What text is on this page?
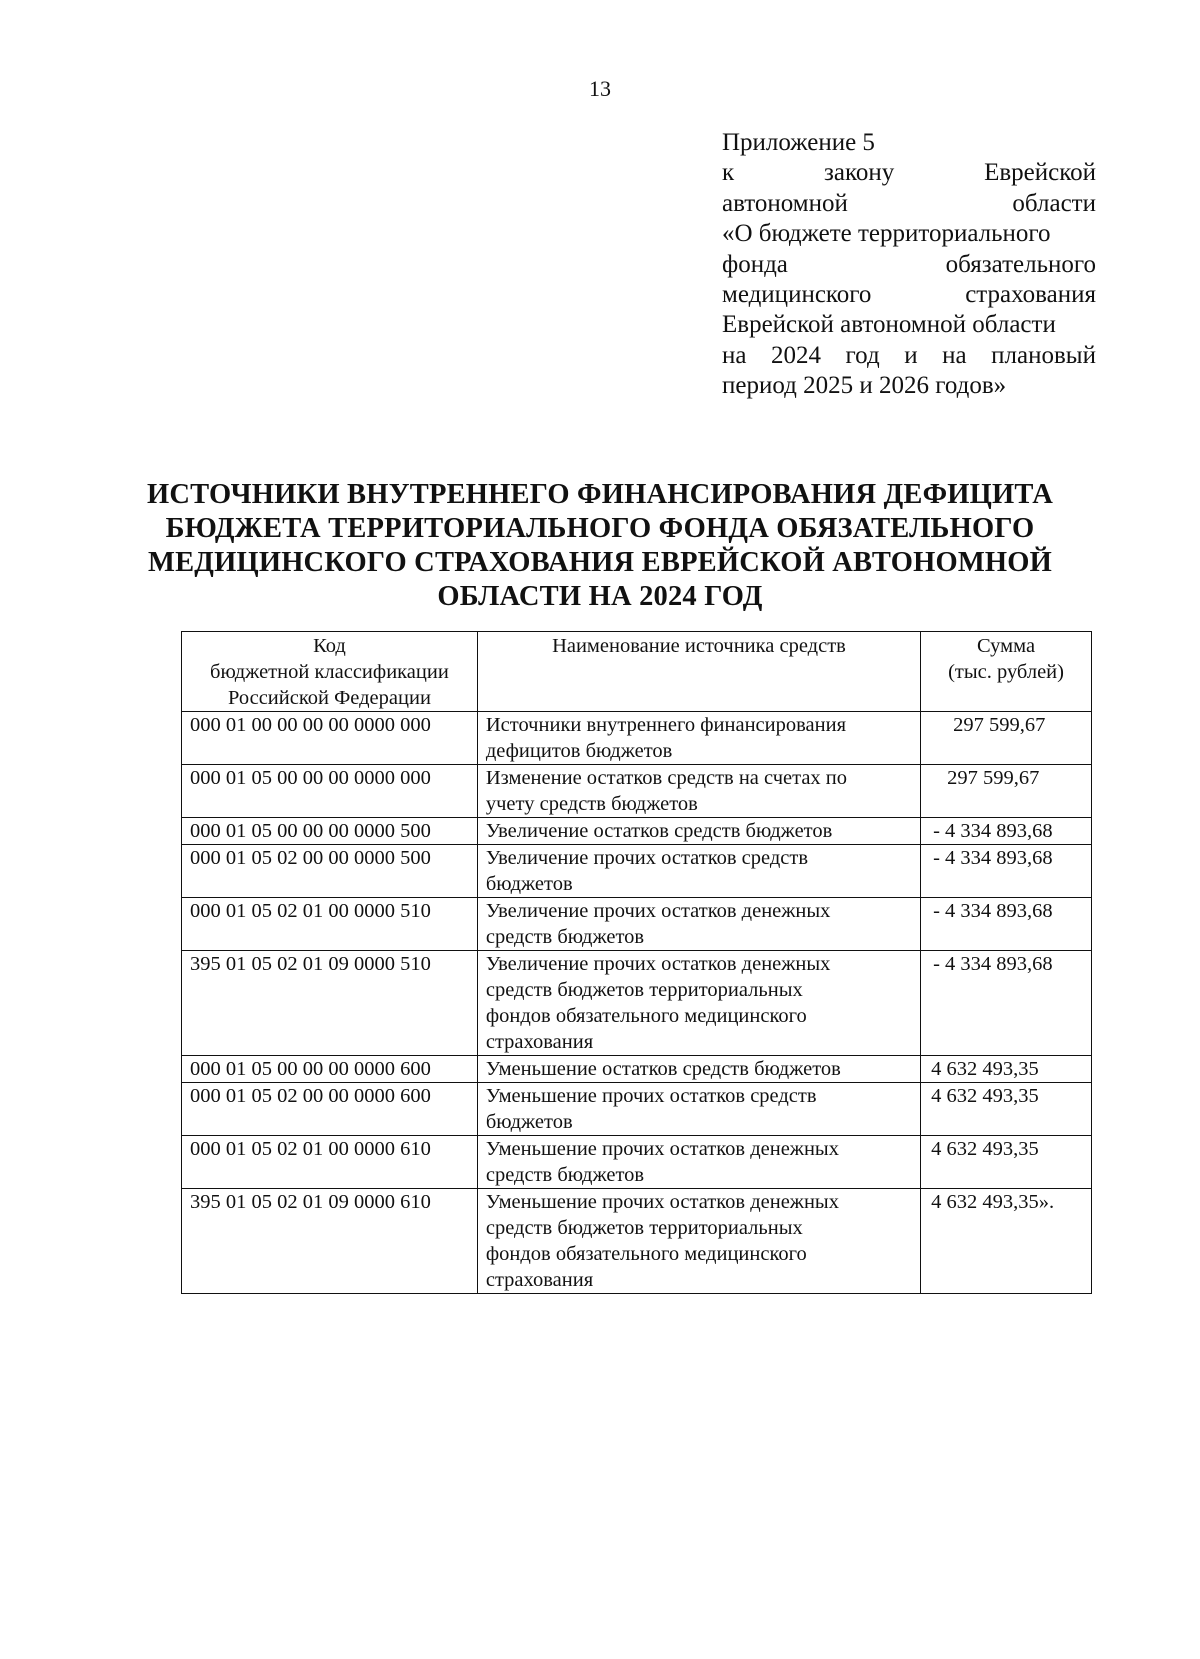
13
Приложение 5
к	закону	Еврейской
автономной	области
«О бюджете территориального
фонда	обязательного
медицинского	страхования
Еврейской автономной области
на 2024 год и на плановый
период 2025 и 2026 годов»
ИСТОЧНИКИ ВНУТРЕННЕГО ФИНАНСИРОВАНИЯ ДЕФИЦИТА
БЮДЖЕТА ТЕРРИТОРИАЛЬНОГО ФОНДА ОБЯЗАТЕЛЬНОГО
МЕДИЦИНСКОГО СТРАХОВАНИЯ ЕВРЕЙСКОЙ АВТОНОМНОЙ
ОБЛАСТИ НА 2024 ГОД
Код
бюджетной классификации
Российской Федерации	Наименование источника средств	Сумма
(тыс. рублей)
000 01 00 00 00 00 0000 000	Источники внутреннего финансирования
дефицитов бюджетов	297 599,67
000 01 05 00 00 00 0000 000	Изменение остатков средств на счетах по
учету средств бюджетов	297 599,67
000 01 05 00 00 00 0000 500	Увеличение остатков средств бюджетов	- 4 334 893,68
000 01 05 02 00 00 0000 500	Увеличение прочих остатков средств
бюджетов	- 4 334 893,68
000 01 05 02 01 00 0000 510	Увеличение прочих остатков денежных
средств бюджетов	- 4 334 893,68
395 01 05 02 01 09 0000 510	Увеличение прочих остатков денежных
средств бюджетов территориальных
фондов обязательного медицинского
страхования	- 4 334 893,68
000 01 05 00 00 00 0000 600	Уменьшение остатков средств бюджетов	4 632 493,35
000 01 05 02 00 00 0000 600	Уменьшение прочих остатков средств
бюджетов	4 632 493,35
000 01 05 02 01 00 0000 610	Уменьшение прочих остатков денежных
средств бюджетов	4 632 493,35
395 01 05 02 01 09 0000 610	Уменьшение прочих остатков денежных
средств бюджетов территориальных
фондов обязательного медицинского
страхования	4 632 493,35».
